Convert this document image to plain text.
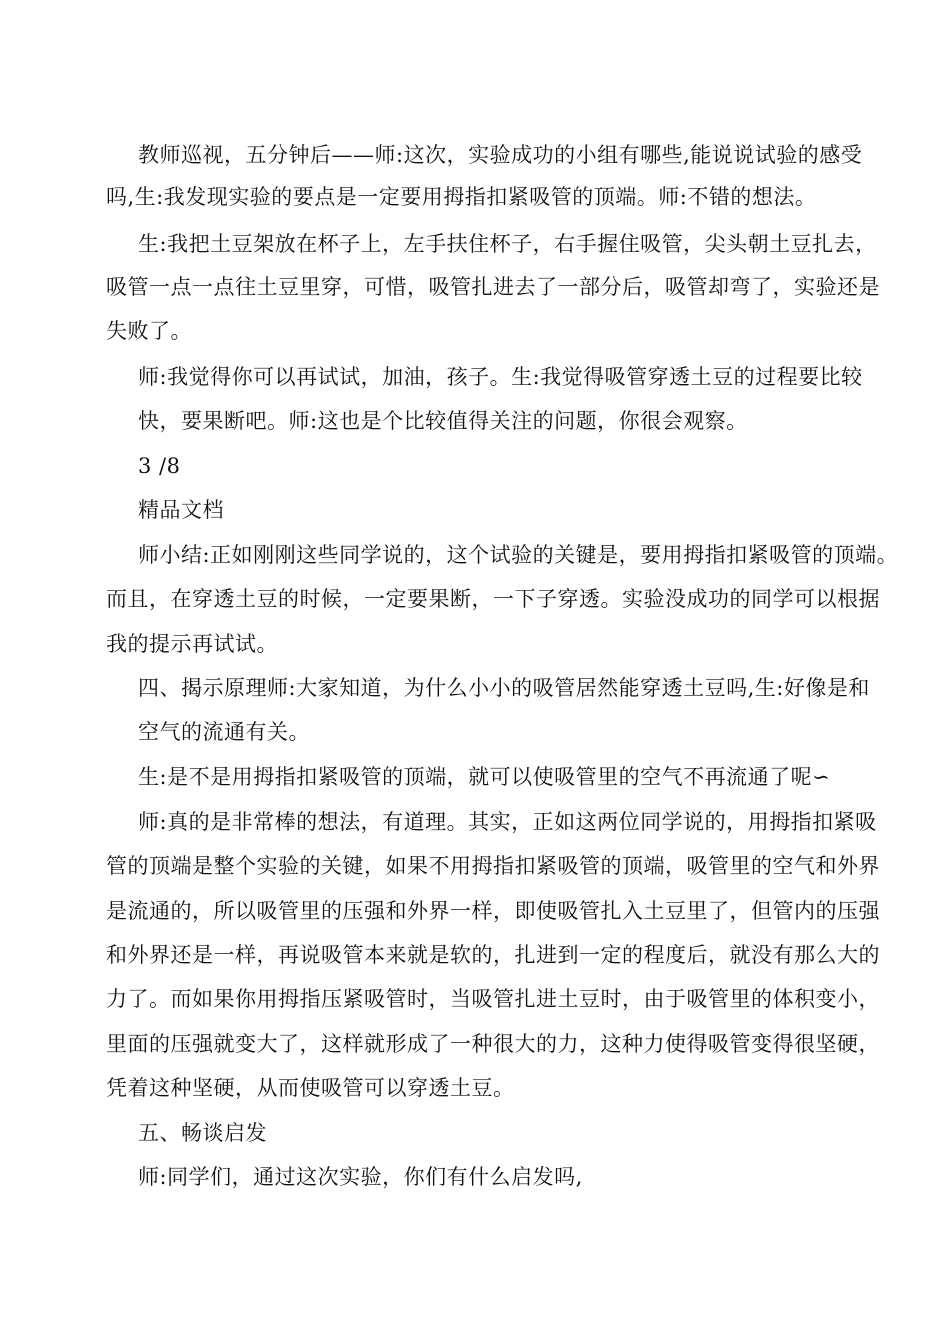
教师巡视，五分钟后——师:这次，实验成功的小组有哪些,能说说试验的感受
吗,生:我发现实验的要点是一定要用拇指扣紧吸管的顶端。师:不错的想法。
生:我把土豆架放在杯子上，左手扶住杯子，右手握住吸管，尖头朝土豆扎去，
吸管一点一点往土豆里穿，可惜，吸管扎进去了一部分后，吸管却弯了，实验还是
失败了。
师:我觉得你可以再试试，加油，孩子。生:我觉得吸管穿透土豆的过程要比较
快，要果断吧。师:这也是个比较值得关注的问题，你很会观察。
3 /8
精品文档
师小结:正如刚刚这些同学说的，这个试验的关键是，要用拇指扣紧吸管的顶端。
而且，在穿透土豆的时候，一定要果断，一下子穿透。实验没成功的同学可以根据
我的提示再试试。
四、揭示原理师:大家知道，为什么小小的吸管居然能穿透土豆吗,生:好像是和
空气的流通有关。
生:是不是用拇指扣紧吸管的顶端，就可以使吸管里的空气不再流通了呢∽
师:真的是非常棒的想法，有道理。其实，正如这两位同学说的，用拇指扣紧吸
管的顶端是整个实验的关键，如果不用拇指扣紧吸管的顶端，吸管里的空气和外界
是流通的，所以吸管里的压强和外界一样，即使吸管扎入土豆里了，但管内的压强
和外界还是一样，再说吸管本来就是软的，扎进到一定的程度后，就没有那么大的
力了。而如果你用拇指压紧吸管时，当吸管扎进土豆时，由于吸管里的体积变小，
里面的压强就变大了，这样就形成了一种很大的力，这种力使得吸管变得很坚硬，
凭着这种坚硬，从而使吸管可以穿透土豆。
五、畅谈启发
师:同学们，通过这次实验，你们有什么启发吗,
